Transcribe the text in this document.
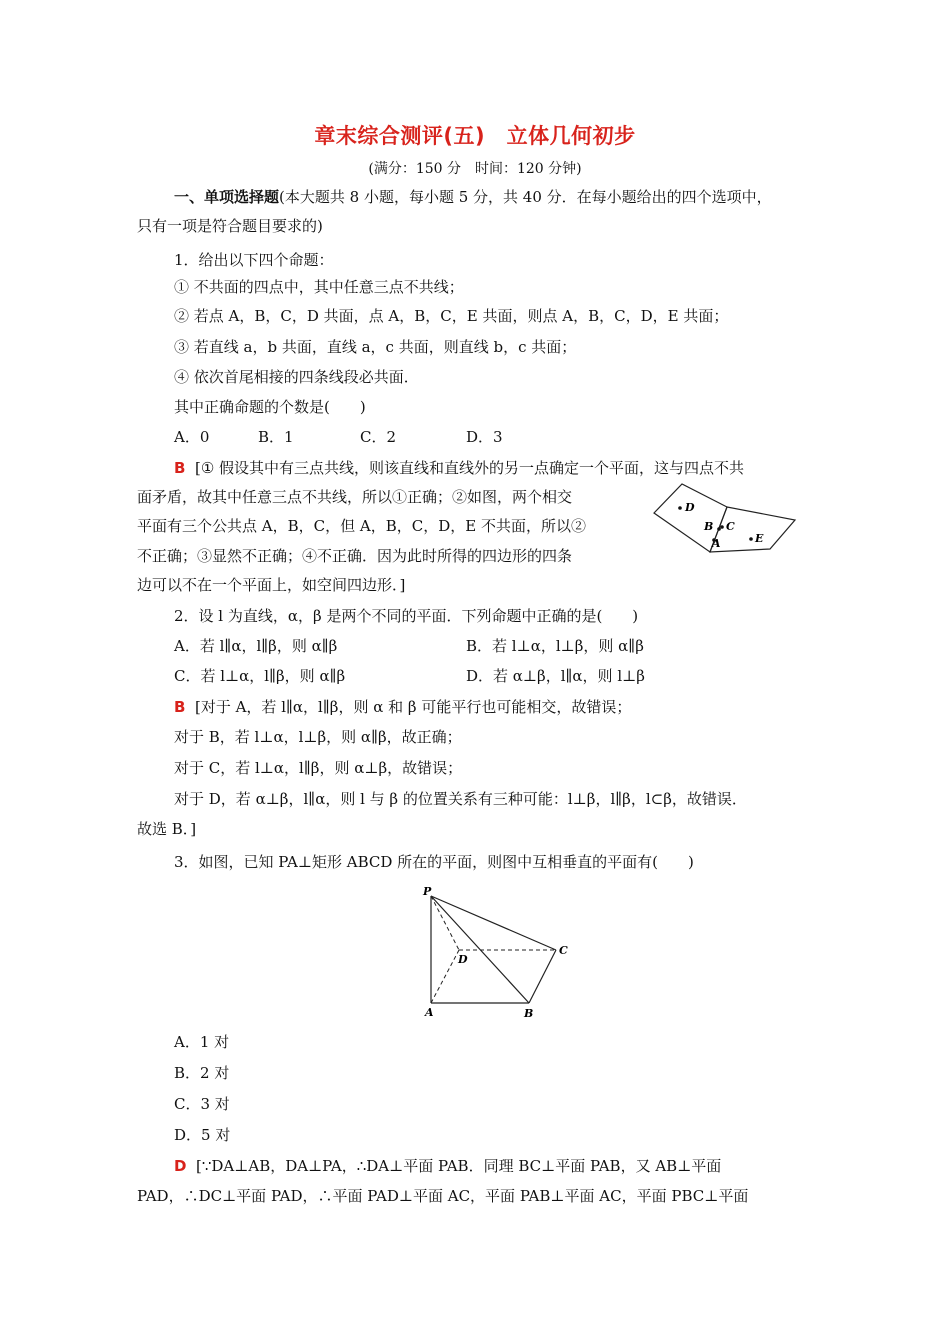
章末综合测评(五)　立体几何初步
(满分：150 分　时间：120 分钟)
一、单项选择题(本大题共 8 小题，每小题 5 分，共 40 分．在每小题给出的四个选项中，
只有一项是符合题目要求的)
1．给出以下四个命题：
① 不共面的四点中，其中任意三点不共线；
② 若点 A，B，C，D 共面，点 A，B，C，E 共面，则点 A，B，C，D，E 共面；
③ 若直线 a，b 共面，直线 a，c 共面，则直线 b，c 共面；
④ 依次首尾相接的四条线段必共面．
其中正确命题的个数是(　　)
A．0	B．1	C．2	D．3
B [① 假设其中有三点共线，则该直线和直线外的另一点确定一个平面，这与四点不共
面矛盾，故其中任意三点不共线，所以①正确；②如图，两个相交
平面有三个公共点 A，B，C，但 A，B，C，D，E 不共面，所以②
不正确；③显然不正确；④不正确．因为此时所得的四边形的四条
边可以不在一个平面上，如空间四边形．]
D
B C
A	E
2．设 l 为直线，α，β 是两个不同的平面．下列命题中正确的是(　　)
A．若 l∥α，l∥β，则 α∥β	B．若 l⊥α，l⊥β，则 α∥β
C．若 l⊥α，l∥β，则 α∥β	D．若 α⊥β，l∥α，则 l⊥β
B [对于 A，若 l∥α，l∥β，则 α 和 β 可能平行也可能相交，故错误；
对于 B，若 l⊥α，l⊥β，则 α∥β，故正确；
对于 C，若 l⊥α，l∥β，则 α⊥β，故错误；
对于 D，若 α⊥β，l∥α，则 l 与 β 的位置关系有三种可能：l⊥β，l∥β，l⊂β，故错误．
故选 B．]
3．如图，已知 PA⊥矩形 ABCD 所在的平面，则图中互相垂直的平面有(　　)
P
D
C
A	B
A．1 对
B．2 对
C．3 对
D．5 对
D [∵DA⊥AB，DA⊥PA，∴DA⊥平面 PAB．同理 BC⊥平面 PAB，又 AB⊥平面
PAD，∴DC⊥平面 PAD，∴平面 PAD⊥平面 AC，平面 PAB⊥平面 AC，平面 PBC⊥平面
